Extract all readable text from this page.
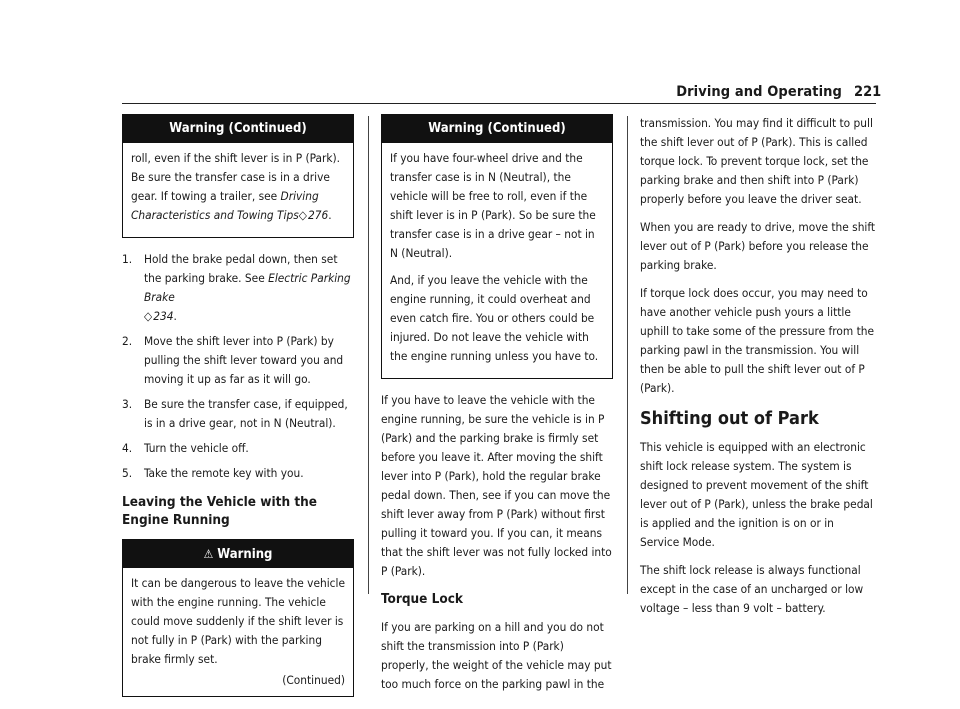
Driving and Operating 221
Warning (Continued)

roll, even if the shift lever is in P (Park). Be sure the transfer case is in a drive gear. If towing a trailer, see Driving Characteristics and Towing Tips◇ 276.

1. Hold the brake pedal down, then set the parking brake. See Electric Parking Brake
◇ 234.
2. Move the shift lever into P (Park) by pulling the shift lever toward you and moving it up as far as it will go.
3. Be sure the transfer case, if equipped, is in a drive gear, not in N (Neutral).
4. Turn the vehicle off.
5. Take the remote key with you.
Leaving the Vehicle with the Engine Running
⚠ Warning

It can be dangerous to leave the vehicle with the engine running. The vehicle could move suddenly if the shift lever is not fully in P (Park) with the parking brake firmly set.

(Continued)
Warning (Continued)

If you have four-wheel drive and the transfer case is in N (Neutral), the vehicle will be free to roll, even if the shift lever is in P (Park). So be sure the transfer case is in a drive gear – not in N (Neutral).

And, if you leave the vehicle with the engine running, it could overheat and even catch fire. You or others could be injured. Do not leave the vehicle with the engine running unless you have to.

If you have to leave the vehicle with the engine running, be sure the vehicle is in P (Park) and the parking brake is firmly set before you leave it. After moving the shift lever into P (Park), hold the regular brake pedal down. Then, see if you can move the shift lever away from P (Park) without first pulling it toward you. If you can, it means that the shift lever was not fully locked into P (Park).

Torque Lock

If you are parking on a hill and you do not shift the transmission into P (Park) properly, the weight of the vehicle may put too much force on the parking pawl in the

transmission. You may find it difficult to pull the shift lever out of P (Park). This is called torque lock. To prevent torque lock, set the parking brake and then shift into P (Park) properly before you leave the driver seat.

When you are ready to drive, move the shift lever out of P (Park) before you release the parking brake.

If torque lock does occur, you may need to have another vehicle push yours a little uphill to take some of the pressure from the parking pawl in the transmission. You will then be able to pull the shift lever out of P (Park).

Shifting out of Park

This vehicle is equipped with an electronic shift lock release system. The system is designed to prevent movement of the shift lever out of P (Park), unless the brake pedal is applied and the ignition is on or in Service Mode.

The shift lock release is always functional except in the case of an uncharged or low voltage – less than 9 volt – battery.
